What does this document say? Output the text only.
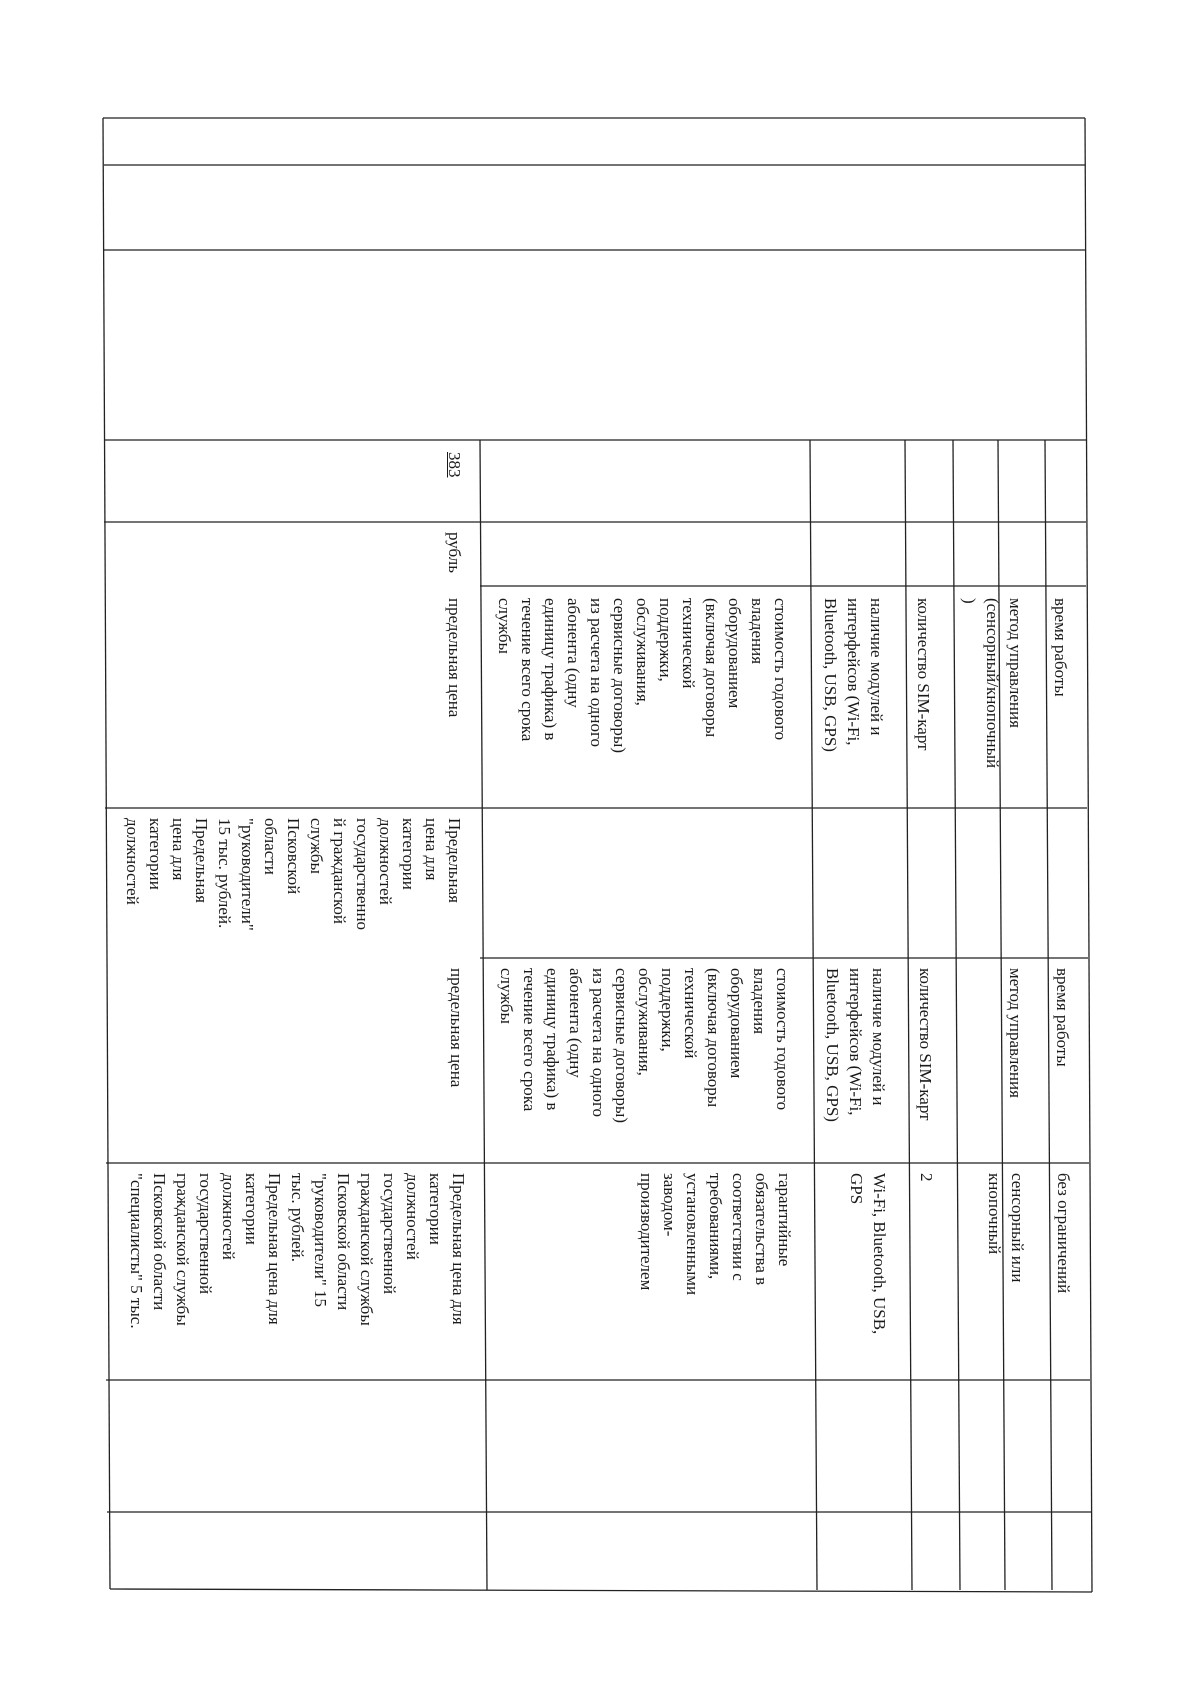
время работы
метод управления
(сенсорный/кнопочный
)
количество SIM-карт
наличие модулей и
интерфейсов (Wi-Fi,
Bluetooth, USB, GPS)
стоимость годового
владения
оборудованием
(включая договоры
технической
поддержки,
обслуживания,
сервисные договоры)
из расчета на одного
абонента (одну
единицу трафика) в
течение всего срока
службы
предельная цена
рубль
383
Предельная
цена для
категории
должностей
государственно
й гражданской
службы
Псковской
области
"руководители"
15 тыс. рублей.
Предельная
цена для
категории
должностей
время работы
метод управления
количество SIM-карт
наличие модулей и
интерфейсов (Wi-Fi,
Bluetooth, USB, GPS)
стоимость годового
владения
оборудованием
(включая договоры
технической
поддержки,
обслуживания,
сервисные договоры)
из расчета на одного
абонента (одну
единицу трафика) в
течение всего срока
службы
предельная цена
без ограничений
сенсорный или
кнопочный
2
Wi-Fi, Bluetooth, USB,
GPS
гарантийные
обязательства в
соответствии с
требованиями,
установленными
заводом-
производителем
Предельная цена для
категории
должностей
государственной
гражданской службы
Псковской области
"руководители" 15
тыс. рублей.
Предельная цена для
категории
должностей
государственной
гражданской службы
Псковской области
"специалисты" 5 тыс.
